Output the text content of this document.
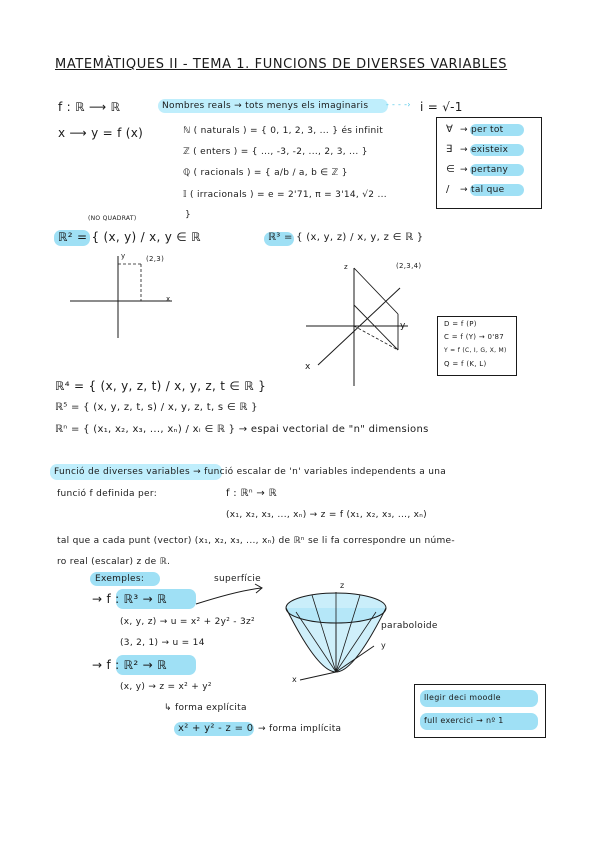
MATEMÀTIQUES II - TEMA 1. FUNCIONS DE DIVERSES VARIABLES
f : ℝ ⟶ ℝ	Nombres reals → tots menys els imaginaris - - - -› i = √-1
x ⟶ y = f (x)	ℕ ( naturals ) = { 0, 1, 2, 3, ... } és infinit
ℤ ( enters ) = { ..., -3, -2, ..., 2, 3, ... }
ℚ ( racionals ) = { a/b / a, b ∈ ℤ }
𝕀 ( irracionals ) = e = 2'71, π = 3'14, √2 ...
}
∀ → per tot
∃ → existeix
∈ → pertany
/ → tal que
(NO QUADRAT)
ℝ² = { (x, y) / x, y ∈ ℝ	ℝ³ = { (x, y, z) / x, y, z ∈ ℝ }
y
x
(2,3)
z	(2,3,4)
y
x
D = f (P)
C = f (Y) → 0'87
Y = f (C, I, G, X, M)
Q = f (K, L)
ℝ⁴ = { (x, y, z, t) / x, y, z, t ∈ ℝ }
ℝ⁵ = { (x, y, z, t, s) / x, y, z, t, s ∈ ℝ }
ℝⁿ = { (x₁, x₂, x₃, ..., xₙ) / xᵢ ∈ ℝ } → espai vectorial de "n" dimensions
Funció de diverses variables → funció escalar de 'n' variables independents a una
funció f definida per:	f : ℝⁿ → ℝ
(x₁, x₂, x₃, ..., xₙ) → z = f (x₁, x₂, x₃, ..., xₙ)
tal que a cada punt (vector) (x₁, x₂, x₃, ..., xₙ) de ℝⁿ se li fa correspondre un núme-
ro real (escalar) z de ℝ.
Exemples:	superfície
→ f : ℝ³ → ℝ
(x, y, z) → u = x² + 2y² - 3z²
(3, 2, 1) → u = 14
→ f : ℝ² → ℝ
(x, y) → z = x² + y²
↳ forma explícita
x² + y² - z = 0 → forma implícita
z
y
x
paraboloide
llegir deci moodle
full exercici → nº 1
